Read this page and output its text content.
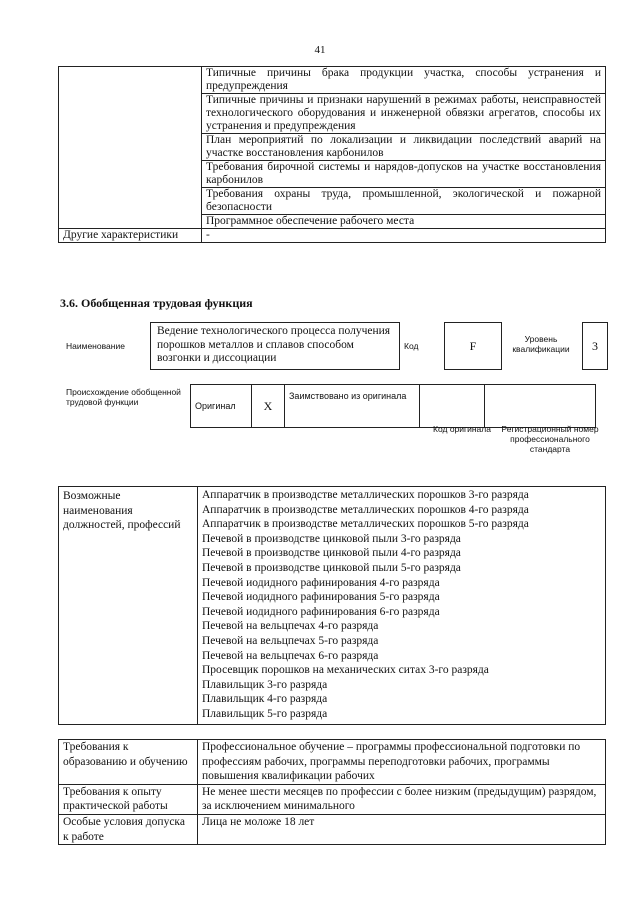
41
	Типичные причины брака продукции участка, способы устранения и предупреждения
	Типичные причины и признаки нарушений в режимах работы, неисправностей технологического оборудования и инженерной обвязки агрегатов, способы их устранения и предупреждения
	План мероприятий по локализации и ликвидации последствий аварий на участке восстановления карбонилов
	Требования бирочной системы и нарядов-допусков на участке восстановления карбонилов
	Требования охраны труда, промышленной, экологической и пожарной безопасности
	Программное обеспечение рабочего места
Другие характеристики	-
3.6. Обобщенная трудовая функция
Наименование
Ведение технологического процесса получения порошков металлов и сплавов способом возгонки и диссоциации
Код	F	Уровень квалификации	3
Происхождение обобщенной трудовой функции	Оригинал	X	Заимствовано из оригинала		
Код оригинала	Регистрационный номер профессионального стандарта
Возможные наименования должностей, профессий	
Аппаратчик в производстве металлических порошков 3-го разряда
Аппаратчик в производстве металлических порошков 4-го разряда
Аппаратчик в производстве металлических порошков 5-го разряда
Печевой в производстве цинковой пыли 3-го разряда
Печевой в производстве цинковой пыли 4-го разряда
Печевой в производстве цинковой пыли 5-го разряда
Печевой иодидного рафинирования 4-го разряда
Печевой иодидного рафинирования 5-го разряда
Печевой иодидного рафинирования 6-го разряда
Печевой на вельцпечах 4-го разряда
Печевой на вельцпечах 5-го разряда
Печевой на вельцпечах 6-го разряда
Просевщик порошков на механических ситах 3-го разряда
Плавильщик 3-го разряда
Плавильщик 4-го разряда
Плавильщик 5-го разряда
Требования к образованию и обучению	Профессиональное обучение – программы профессиональной подготовки по профессиям рабочих, программы переподготовки рабочих, программы повышения квалификации рабочих
Требования к опыту практической работы	Не менее шести месяцев по профессии с более низким (предыдущим) разрядом, за исключением минимального
Особые условия допуска к работе	Лица не моложе 18 лет
